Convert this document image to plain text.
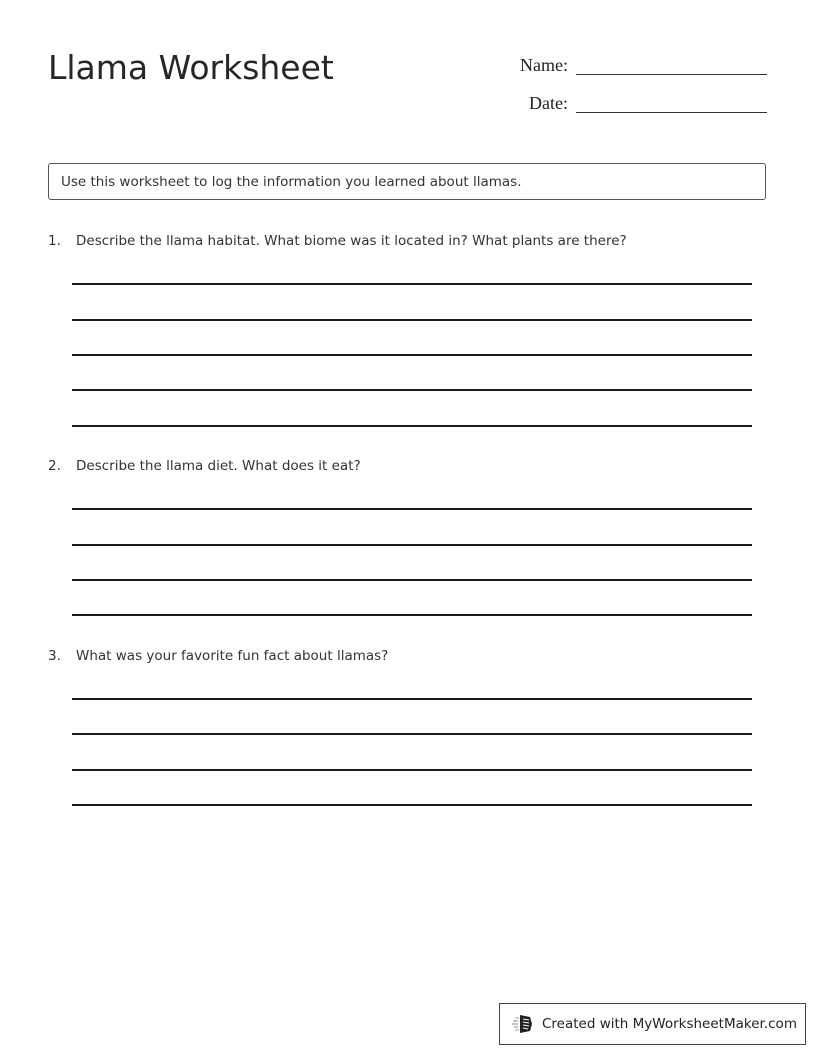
Llama Worksheet	Name:
Date:
Use this worksheet to log the information you learned about llamas.
1.	Describe the llama habitat. What biome was it located in? What plants are there?
2.	Describe the llama diet. What does it eat?
3.	What was your favorite fun fact about llamas?
Created with MyWorksheetMaker.com
